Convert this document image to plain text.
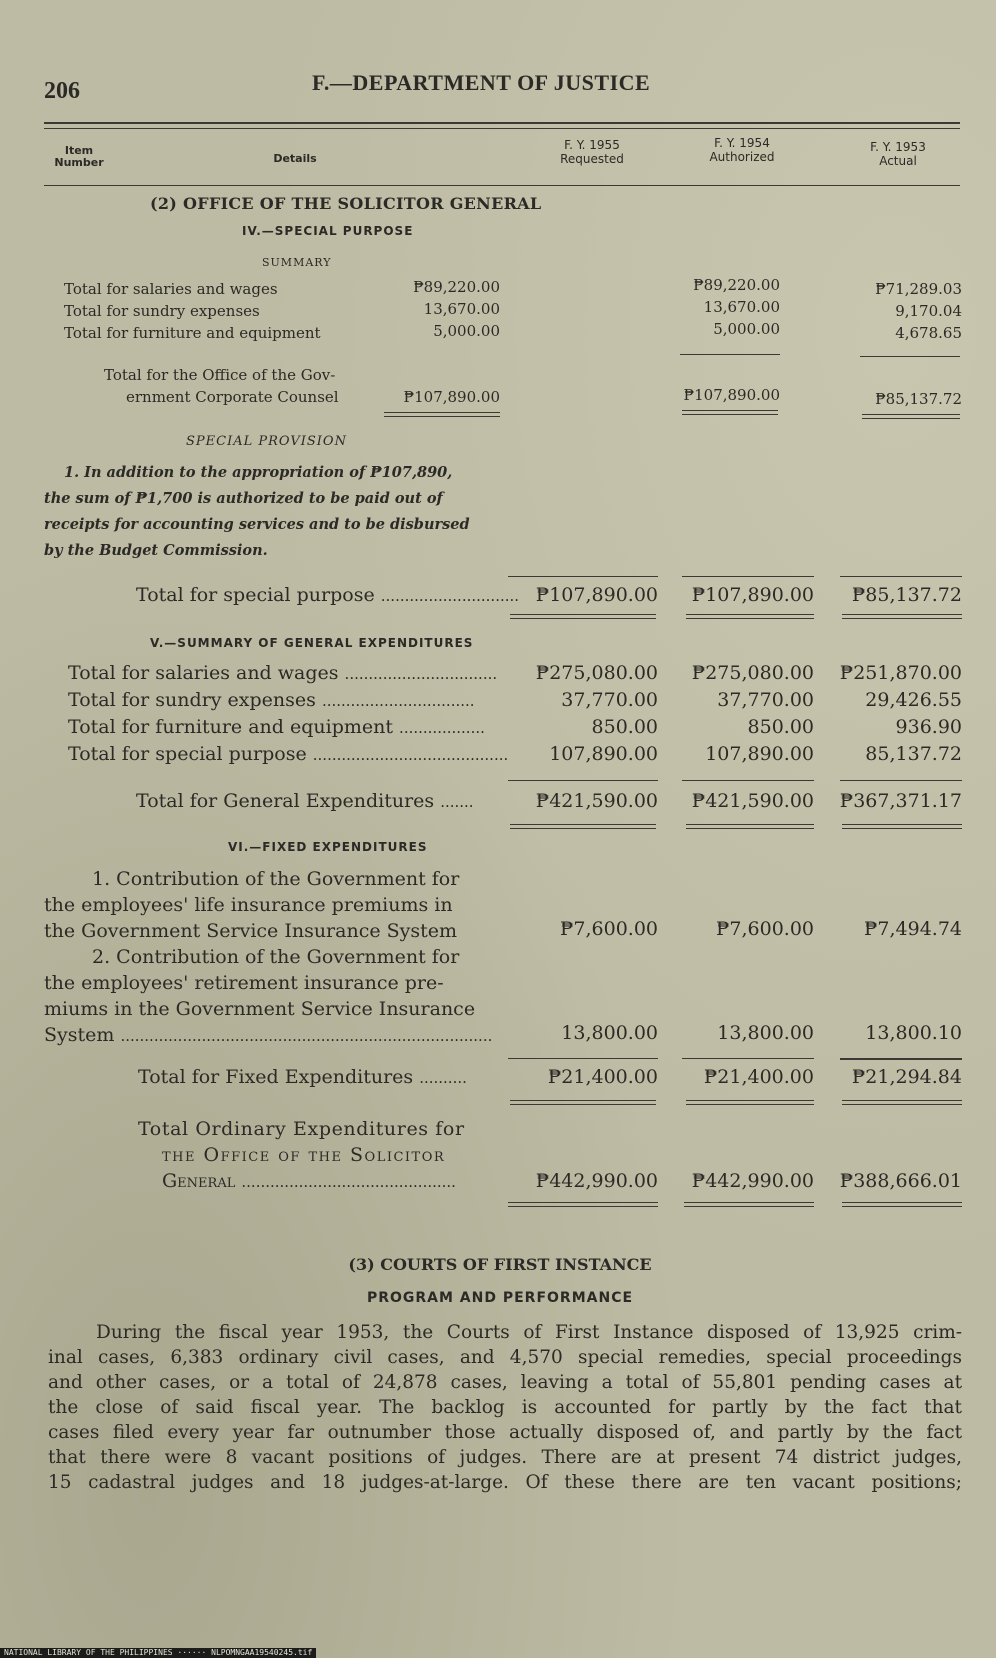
206	F.—DEPARTMENT OF JUSTICE
Item Number	Details
F. Y. 1955
Requested
F. Y. 1954
Authorized
F. Y. 1953
Actual
(2) OFFICE OF THE SOLICITOR GENERAL
IV.—SPECIAL PURPOSE
SUMMARY
Total for salaries and wages	₱89,220.00	₱89,220.00	₱71,289.03
Total for sundry expenses	13,670.00	13,670.00	9,170.04
Total for furniture and equipment	5,000.00	5,000.00	4,678.65
Total for the Office of the Gov-
ernment Corporate Counsel	₱107,890.00	₱107,890.00	₱85,137.72
SPECIAL PROVISION
1. In addition to the appropriation of ₱107,890,
the sum of ₱1,700 is authorized to be paid out of
receipts for accounting services and to be disbursed
by the Budget Commission.
Total for special purpose ............................. ₱107,890.00	₱107,890.00	₱85,137.72
V.—SUMMARY OF GENERAL EXPENDITURES
Total for salaries and wages ................................	₱275,080.00	₱275,080.00	₱251,870.00
Total for sundry expenses ................................	37,770.00	37,770.00	29,426.55
Total for furniture and equipment ..................	850.00	850.00	936.90
Total for special purpose .........................................	107,890.00	107,890.00	85,137.72
Total for General Expenditures .......	₱421,590.00	₱421,590.00	₱367,371.17
VI.—FIXED EXPENDITURES
1. Contribution of the Government for
the employees' life insurance premiums in
the Government Service Insurance System	₱7,600.00	₱7,600.00	₱7,494.74
2. Contribution of the Government for
the employees' retirement insurance pre-
miums in the Government Service Insurance
System ..............................................................................	13,800.00	13,800.00	13,800.10
Total for Fixed Expenditures ..........	₱21,400.00	₱21,400.00	₱21,294.84
Total Ordinary Expenditures for
the Office of the Solicitor
General .............................................	₱442,990.00	₱442,990.00	₱388,666.01
(3) COURTS OF FIRST INSTANCE
PROGRAM AND PERFORMANCE
During the fiscal year 1953, the Courts of First Instance disposed of 13,925 crim-
inal cases, 6,383 ordinary civil cases, and 4,570 special remedies, special proceedings
and other cases, or a total of 24,878 cases, leaving a total of 55,801 pending cases at
the close of said fiscal year. The backlog is accounted for partly by the fact that
cases filed every year far outnumber those actually disposed of, and partly by the fact
that there were 8 vacant positions of judges. There are at present 74 district judges,
15 cadastral judges and 18 judges-at-large. Of these there are ten vacant positions;
NATIONAL LIBRARY OF THE PHILIPPINES ······ NLPOMNGAA19540245.tif
